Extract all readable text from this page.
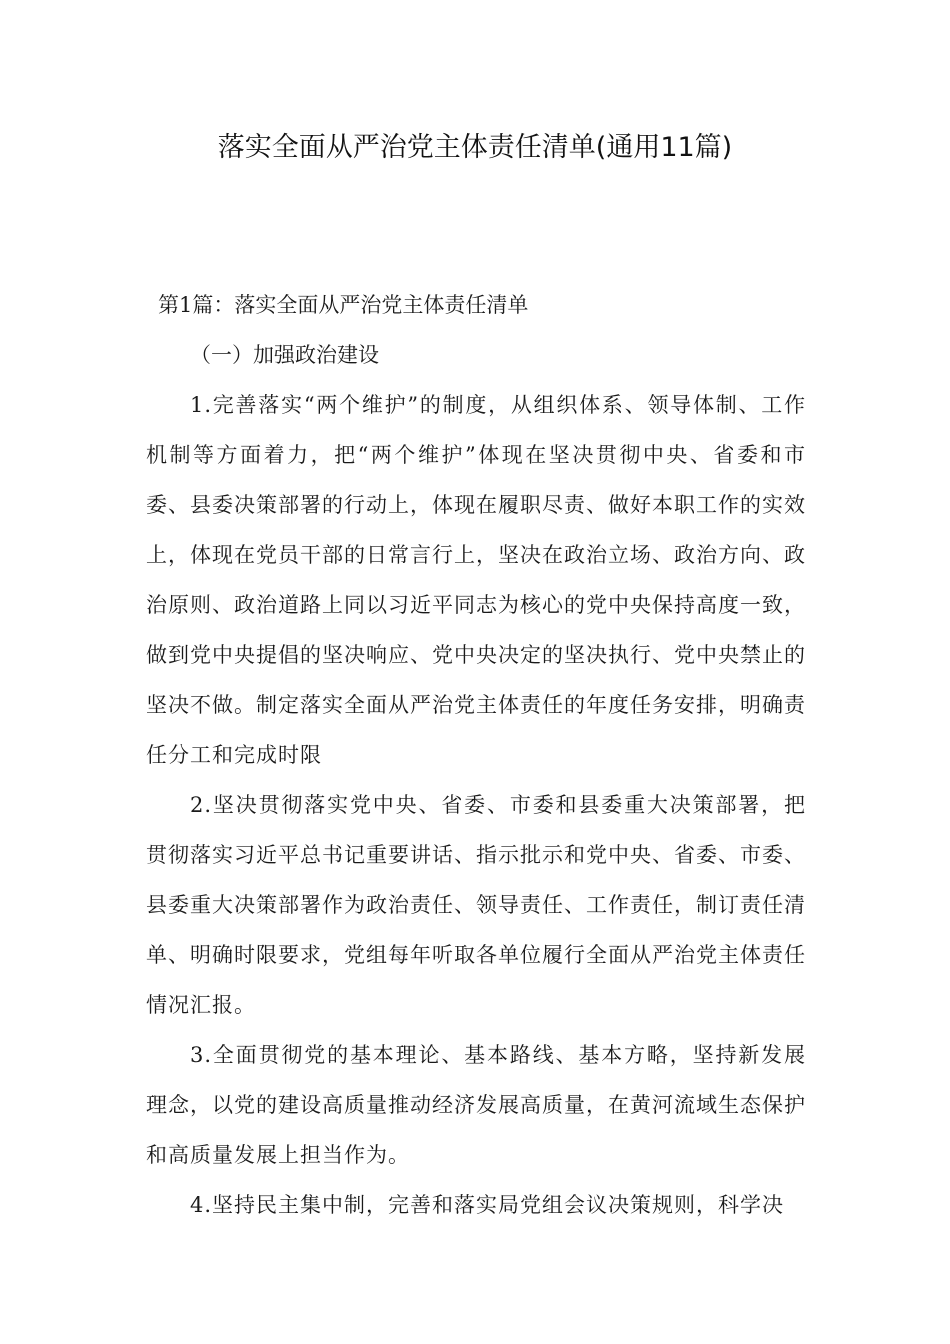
落实全面从严治党主体责任清单(通用11篇)

第1篇：落实全面从严治党主体责任清单

（一）加强政治建设

1.完善落实“两个维护”的制度，从组织体系、领导体制、工作机制等方面着力，把“两个维护”体现在坚决贯彻中央、省委和市委、县委决策部署的行动上，体现在履职尽责、做好本职工作的实效上，体现在党员干部的日常言行上，坚决在政治立场、政治方向、政治原则、政治道路上同以习近平同志为核心的党中央保持高度一致，做到党中央提倡的坚决响应、党中央决定的坚决执行、党中央禁止的坚决不做。制定落实全面从严治党主体责任的年度任务安排，明确责任分工和完成时限

2.坚决贯彻落实党中央、省委、市委和县委重大决策部署，把贯彻落实习近平总书记重要讲话、指示批示和党中央、省委、市委、县委重大决策部署作为政治责任、领导责任、工作责任，制订责任清单、明确时限要求，党组每年听取各单位履行全面从严治党主体责任情况汇报。

3.全面贯彻党的基本理论、基本路线、基本方略，坚持新发展理念，以党的建设高质量推动经济发展高质量，在黄河流域生态保护和高质量发展上担当作为。

4.坚持民主集中制，完善和落实局党组会议决策规则，科学决
